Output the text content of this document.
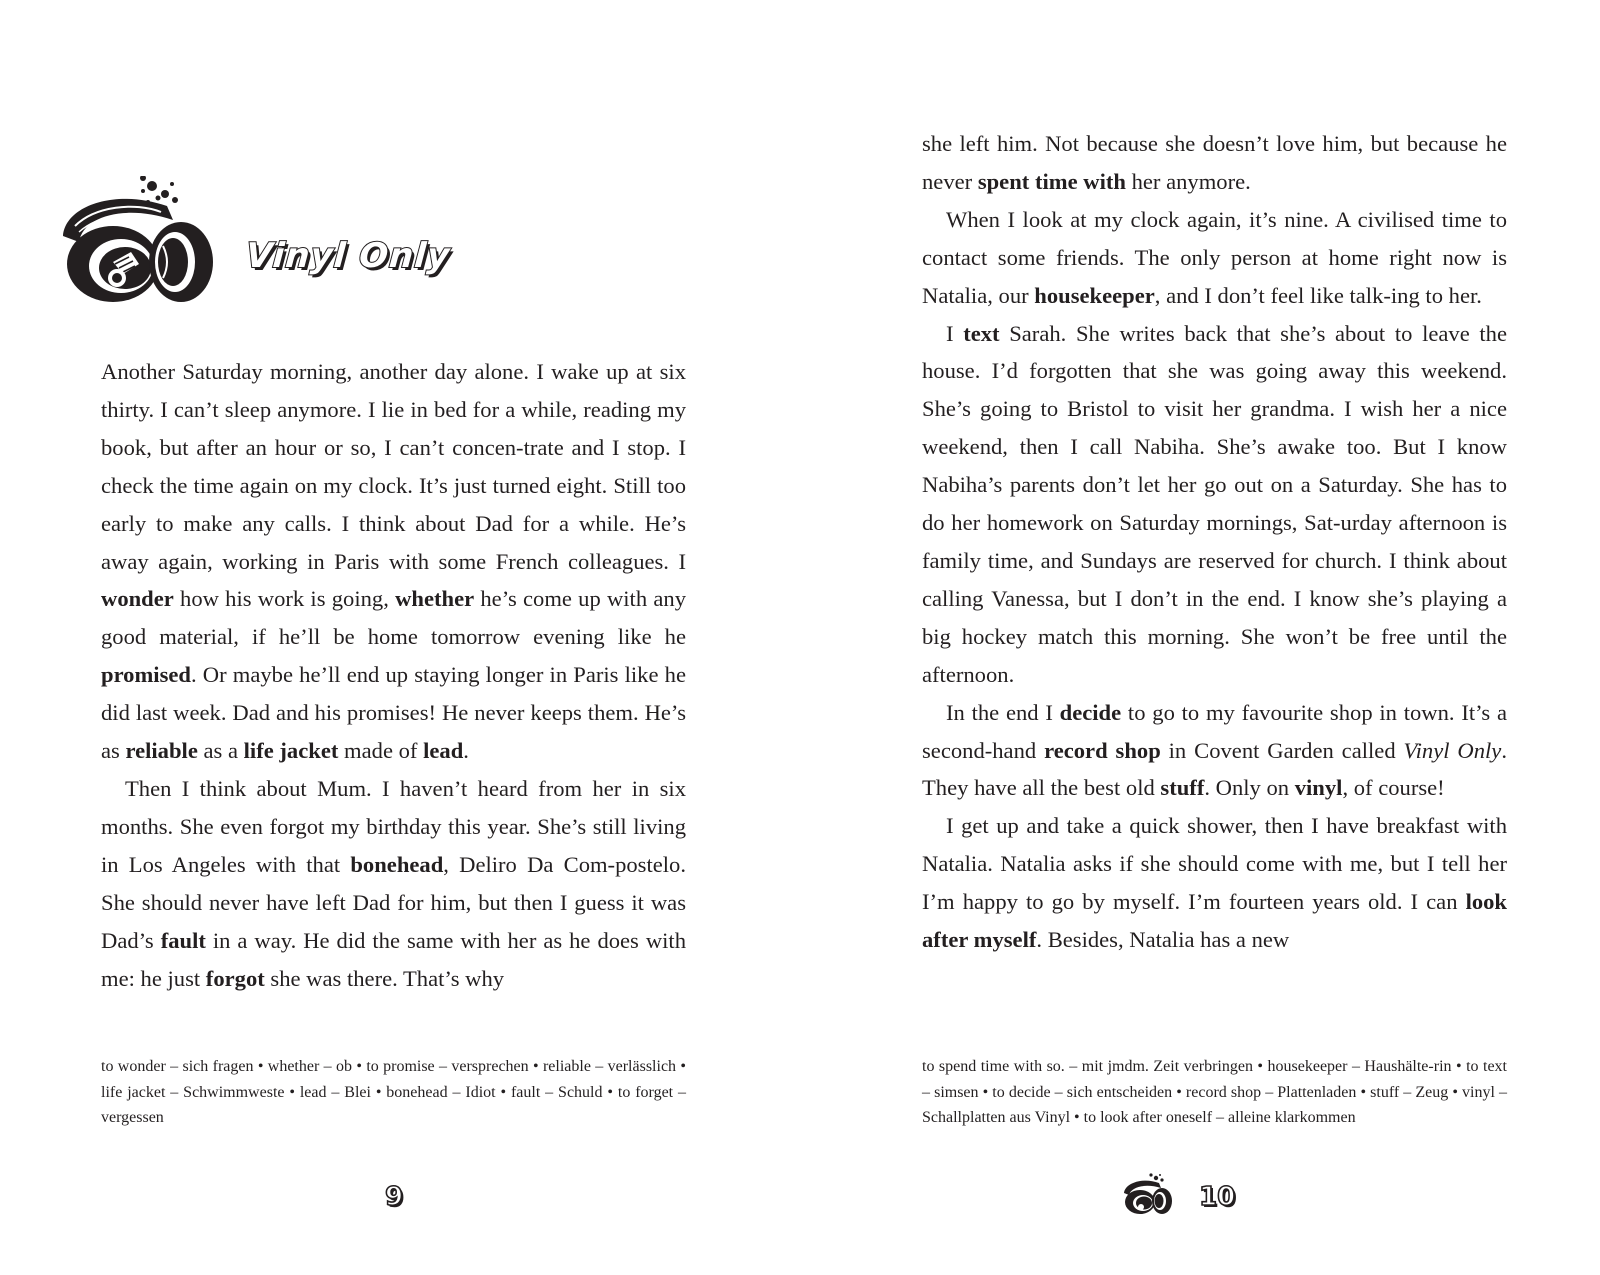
Vinyl Only

Another Saturday morning, another day alone. I wake up at six thirty. I can’t sleep anymore. I lie in bed for a while, reading my book, but after an hour or so, I can’t concen-trate and I stop. I check the time again on my clock. It’s just turned eight. Still too early to make any calls. I think about Dad for a while. He’s away again, working in Paris with some French colleagues. I wonder how his work is going, whether he’s come up with any good material, if he’ll be home tomorrow evening like he promised. Or maybe he’ll end up staying longer in Paris like he did last week. Dad and his promises! He never keeps them. He’s as reliable as a life jacket made of lead.

Then I think about Mum. I haven’t heard from her in six months. She even forgot my birthday this year. She’s still living in Los Angeles with that bonehead, Deliro Da Com-postelo. She should never have left Dad for him, but then I guess it was Dad’s fault in a way. He did the same with her as he does with me: he just forgot she was there. That’s why

to wonder – sich fragen • whether – ob • to promise – versprechen • reliable – verlässlich • life jacket – Schwimmweste • lead – Blei • bonehead – Idiot • fault – Schuld • to forget – vergessen
9

she left him. Not because she doesn’t love him, but because he never spent time with her anymore.

When I look at my clock again, it’s nine. A civilised time to contact some friends. The only person at home right now is Natalia, our housekeeper, and I don’t feel like talk-ing to her.

I text Sarah. She writes back that she’s about to leave the house. I’d forgotten that she was going away this weekend. She’s going to Bristol to visit her grandma. I wish her a nice weekend, then I call Nabiha. She’s awake too. But I know Nabiha’s parents don’t let her go out on a Saturday. She has to do her homework on Saturday mornings, Sat-urday afternoon is family time, and Sundays are reserved for church. I think about calling Vanessa, but I don’t in the end. I know she’s playing a big hockey match this morning. She won’t be free until the afternoon.

In the end I decide to go to my favourite shop in town. It’s a second-hand record shop in Covent Garden called Vinyl Only. They have all the best old stuff. Only on vinyl, of course!

I get up and take a quick shower, then I have breakfast with Natalia. Natalia asks if she should come with me, but I tell her I’m happy to go by myself. I’m fourteen years old. I can look after myself. Besides, Natalia has a new

to spend time with so. – mit jmdm. Zeit verbringen • housekeeper – Haushälte-rin • to text – simsen • to decide – sich entscheiden • record shop – Plattenladen • stuff – Zeug • vinyl – Schallplatten aus Vinyl • to look after oneself – alleine klarkommen
10
